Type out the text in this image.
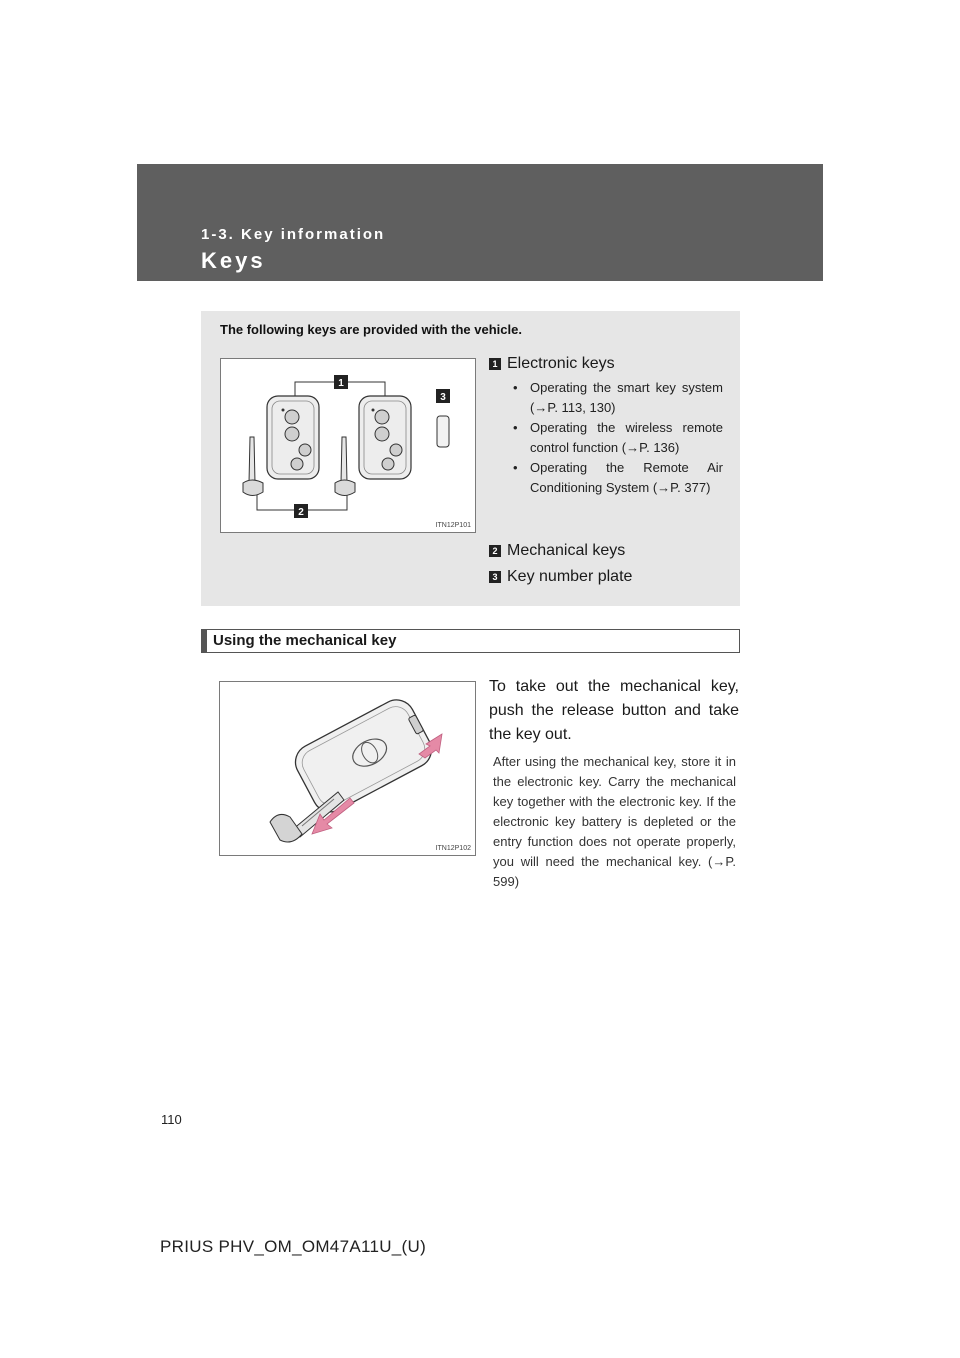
1-3. Key information
Keys
The following keys are provided with the vehicle.
1
2
3
ITN12P101
1 Electronic keys
• Operating the smart key system (→P. 113, 130)
• Operating the wireless remote control function (→P. 136)
• Operating the Remote Air Conditioning System (→P. 377)
2 Mechanical keys
3 Key number plate
Using the mechanical key
ITN12P102

To take out the mechanical key, push the release button and take the key out.

After using the mechanical key, store it in the electronic key. Carry the mechanical key together with the electronic key. If the electronic key battery is depleted or the entry function does not operate properly, you will need the mechanical key. (→P. 599)

110
PRIUS PHV_OM_OM47A11U_(U)
